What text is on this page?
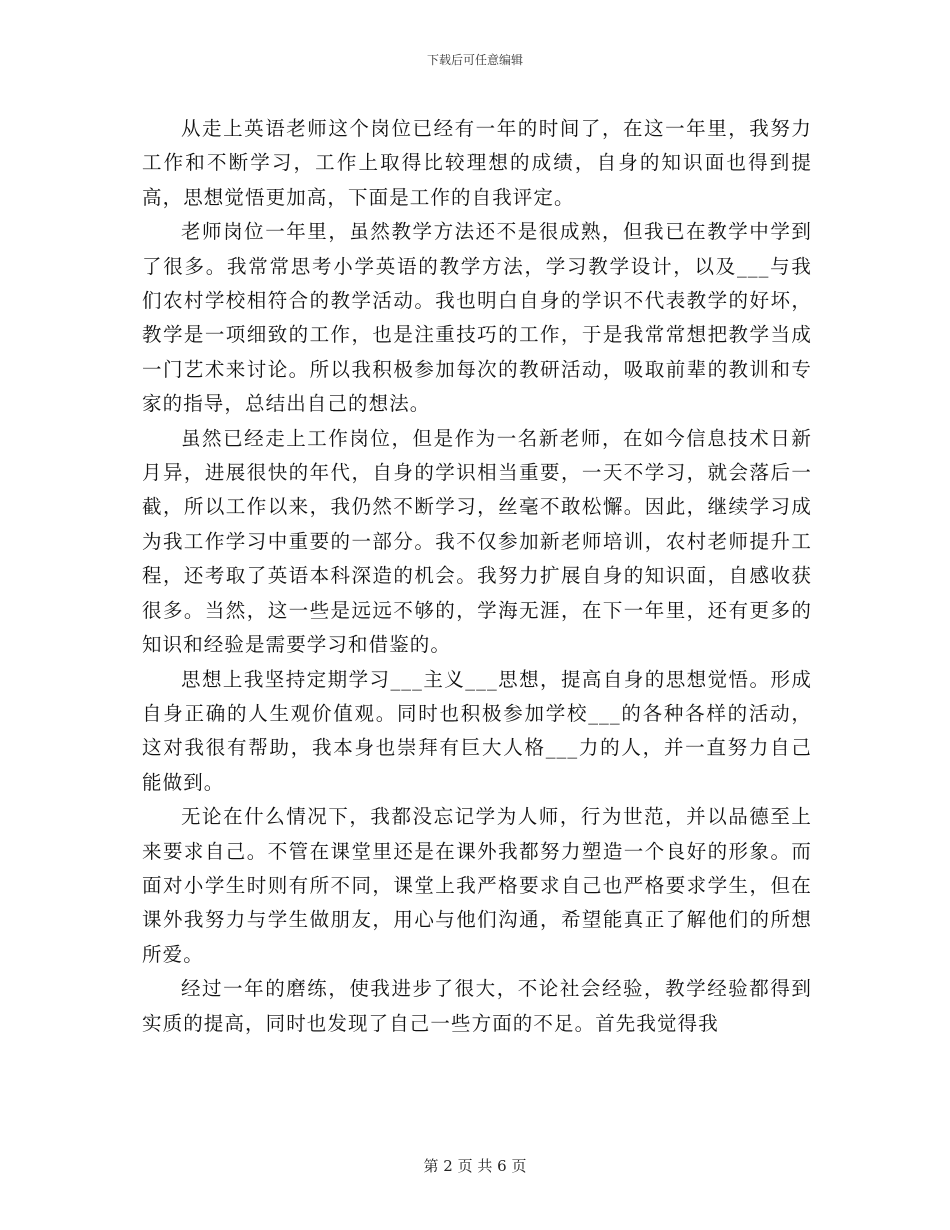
下载后可任意编辑

从走上英语老师这个岗位已经有一年的时间了，在这一年里，我努力工作和不断学习，工作上取得比较理想的成绩，自身的知识面也得到提高，思想觉悟更加高，下面是工作的自我评定。

老师岗位一年里，虽然教学方法还不是很成熟，但我已在教学中学到了很多。我常常思考小学英语的教学方法，学习教学设计，以及___与我们农村学校相符合的教学活动。我也明白自身的学识不代表教学的好坏，教学是一项细致的工作，也是注重技巧的工作，于是我常常想把教学当成一门艺术来讨论。所以我积极参加每次的教研活动，吸取前辈的教训和专家的指导，总结出自己的想法。

虽然已经走上工作岗位，但是作为一名新老师，在如今信息技术日新月异，进展很快的年代，自身的学识相当重要，一天不学习，就会落后一截，所以工作以来，我仍然不断学习，丝毫不敢松懈。因此，继续学习成为我工作学习中重要的一部分。我不仅参加新老师培训，农村老师提升工程，还考取了英语本科深造的机会。我努力扩展自身的知识面，自感收获很多。当然，这一些是远远不够的，学海无涯，在下一年里，还有更多的知识和经验是需要学习和借鉴的。

思想上我坚持定期学习___主义___思想，提高自身的思想觉悟。形成自身正确的人生观价值观。同时也积极参加学校___的各种各样的活动，这对我很有帮助，我本身也崇拜有巨大人格___力的人，并一直努力自己能做到。

无论在什么情况下，我都没忘记学为人师，行为世范，并以品德至上来要求自己。不管在课堂里还是在课外我都努力塑造一个良好的形象。而面对小学生时则有所不同，课堂上我严格要求自己也严格要求学生，但在课外我努力与学生做朋友，用心与他们沟通，希望能真正了解他们的所想所爱。

经过一年的磨练，使我进步了很大，不论社会经验，教学经验都得到实质的提高，同时也发现了自己一些方面的不足。首先我觉得我

第 2 页 共 6 页
